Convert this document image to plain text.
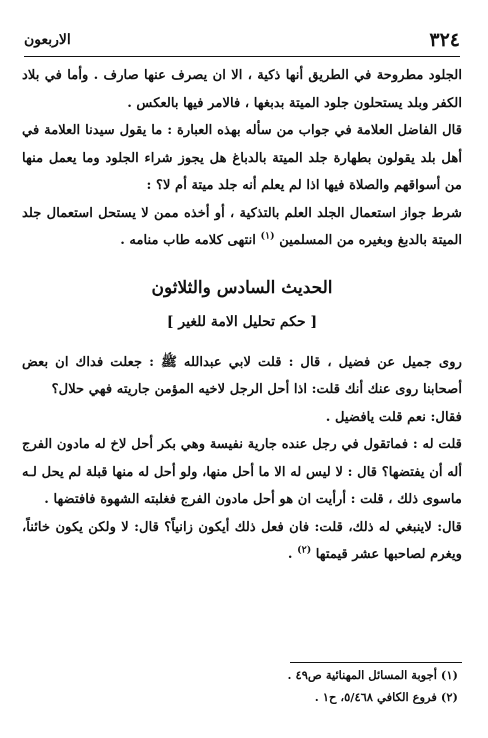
٣٢٤
الاربعون

الجلود مطروحة في الطريق أنها ذكية ، الا ان يصرف عنها صارف . وأما في بلاد الكفر وبلد يستحلون جلود الميتة بدبغها ، فالامر فيها بالعكس .

قال الفاضل العلامة في جواب من سأله بهذه العبارة : ما يقول سيدنا العلامة في أهل بلد يقولون بطهارة جلد الميتة بالدباغ هل يجوز شراء الجلود وما يعمل منها من أسواقهم والصلاة فيها اذا لم يعلم أنه جلد ميتة أم لا؟ :

شرط جواز استعمال الجلد العلم بالتذكية ، أو أخذه ممن لا يستحل استعمال جلد الميتة بالدبغ وبغيره من المسلمين $^{(١)}$ انتهى كلامه طاب منامه .

الحديث السادس والثلاثون
[ حكم تحليل الامة للغير ]

روى جميل عن فضيل ، قال : قلت لابي عبدالله ﷺ : جعلت فداك ان بعض أصحابنا روى عنك أنك قلت: اذا أحل الرجل لاخيه المؤمن جاريته فهي حلال؟

فقال: نعم قلت يافضيل .

قلت له : فماتقول في رجل عنده جارية نفيسة وهي بكر أحل لاخ له مادون الفرج أله أن يفتضها؟ قال : لا ليس له الا ما أحل منها، ولو أحل له منها قبلة لم يحل لـه ماسوى ذلك ، قلت : أرأيت ان هو أحل مادون الفرج فغلبته الشهوة فافتضها .

قال: لاينبغي له ذلك، قلت: فان فعل ذلك أيكون زانياً؟ قال: لا ولكن يكون خائناً، ويغرم لصاحبها عشر قيمتها $^{(٢)}$ .

(١) أجوبة المسائل المهنائية ص٤٩ .

(٢) فروع الكافي ٥/٤٦٨، ح١ .
